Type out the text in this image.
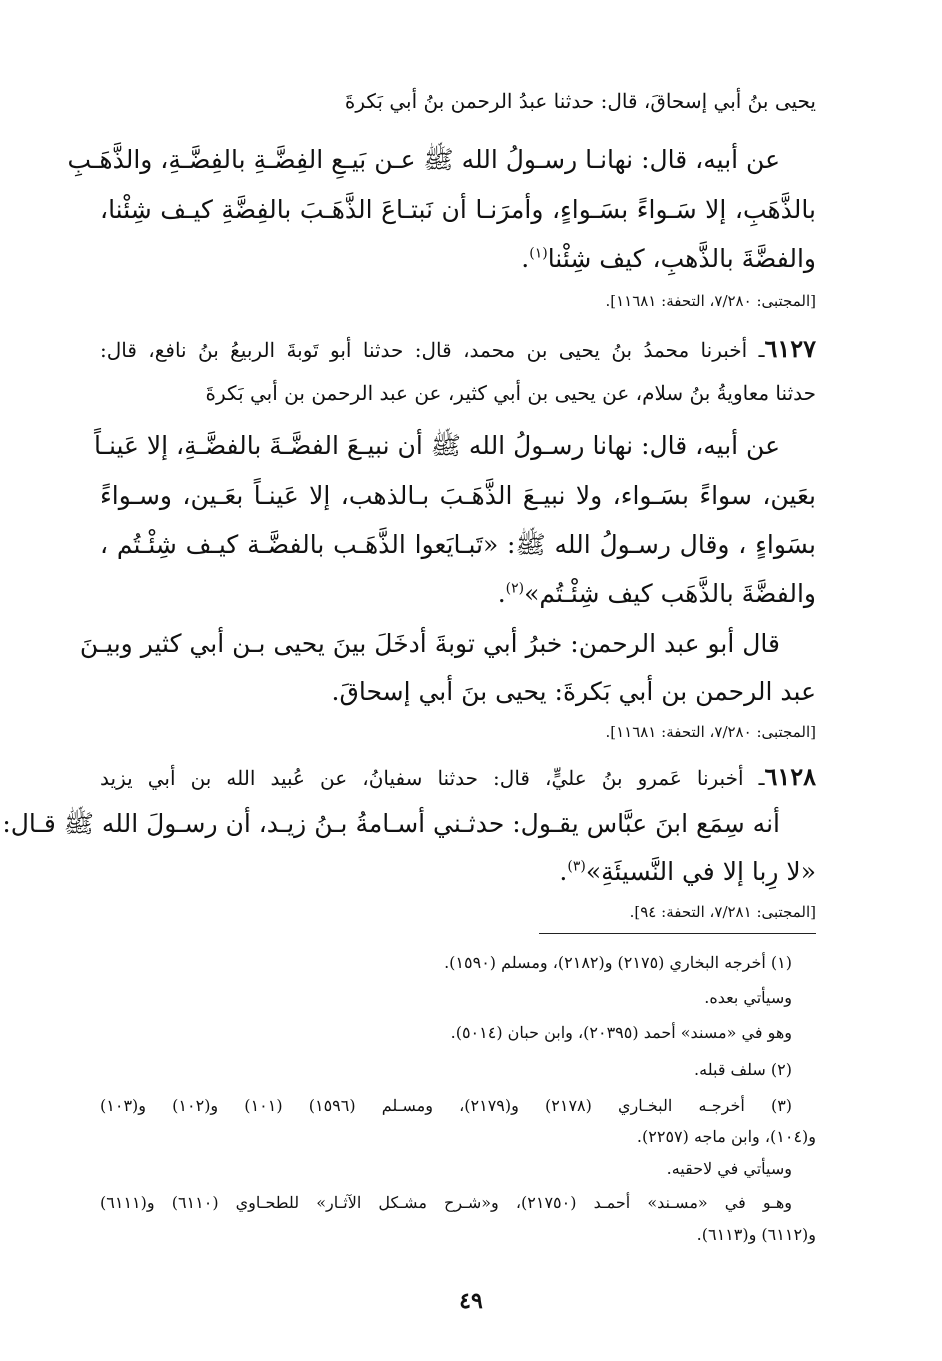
يحيى بنُ أبي إسحاقَ، قال: حدثنا عبدُ الرحمن بنُ أبي بَكرةَ
عن أبيه، قال: نهانـا رسـولُ الله ﷺ عـن بَيـعِ الفِضَّـةِ بالفِضَّـةِ، والذَّهَـبِ
بالذَّهَبِ، إلا سَـواءً بسَـواءٍ، وأمرَنـا أن نَبتـاعَ الذَّهَـبَ بالفِضَّةِ كيـف شِئْنا،
والفضَّةَ بالذَّهبِ، كيف شِئْنا$^{(١)}$.
[المجتبى: ٧/٢٨٠، التحفة: ١١٦٨١].
٦١٢٧ـ أخبرنا محمدُ بنُ يحيى بن محمد، قال: حدثنا أبو تَوبةَ الربيعُ بنُ نافع، قال:
حدثنا معاويةُ بنُ سلام، عن يحيى بن أبي كثير، عن عبد الرحمن بن أبي بَكرةَ
عن أبيه، قال: نهانا رسـولُ الله ﷺ أن نبيـعَ الفضَّـةَ بالفضَّـةِ، إلا عَينـاً
بعَين، سواءً بسَـواء، ولا نبيـعَ الذَّهَـبَ بـالذهب، إلا عَينـاً بعَـين، وسـواءً
بسَواءٍ ، وقال رسـولُ الله ﷺ: «تَبـايَعوا الذَّهَـب بالفضَّـة كيـف شِئْـتُم ،
والفضَّةَ بالذَّهَب كيف شِئْـتُم»$^{(٢)}$.
قال أبو عبد الرحمن: خبرُ أبي توبةَ أدخَلَ بينَ يحيى بـن أبي كثير وبيـنَ
عبد الرحمن بن أبي بَكرةَ: يحيى بنَ أبي إسحاقَ.
[المجتبى: ٧/٢٨٠، التحفة: ١١٦٨١].
٦١٢٨ـ أخبرنا عَمرو بنُ عليٍّ، قال: حدثنا سفيانُ، عن عُبيد الله بن أبي يزيد
أنه سِمَع ابنَ عبَّاس يقـول: حدثـني أسـامةُ بـنُ زيـد، أن رسـولَ الله ﷺ قـال:
«لا رِبا إلا في النَّسيئَةِ»$^{(٣)}$.
[المجتبى: ٧/٢٨١، التحفة: ٩٤].
(١) أخرجه البخاري (٢١٧٥) و(٢١٨٢)، ومسلم (١٥٩٠).
وسيأتي بعده.
وهو في «مسند» أحمد (٢٠٣٩٥)، وابن حبان (٥٠١٤).
(٢) سلف قبله.
(٣) أخرجـه البخـاري (٢١٧٨) و(٢١٧٩)، ومسـلم (١٥٩٦) (١٠١) و(١٠٢) و(١٠٣)
و(١٠٤)، وابن ماجه (٢٢٥٧).
وسيأتي في لاحقيه.
وهـو في «مسـند» أحمـد (٢١٧٥٠)، و«شـرح مشـكل الآثـار» للطحـاوي (٦١١٠) و(٦١١١)
و(٦١١٢) و(٦١١٣).
٤٩
